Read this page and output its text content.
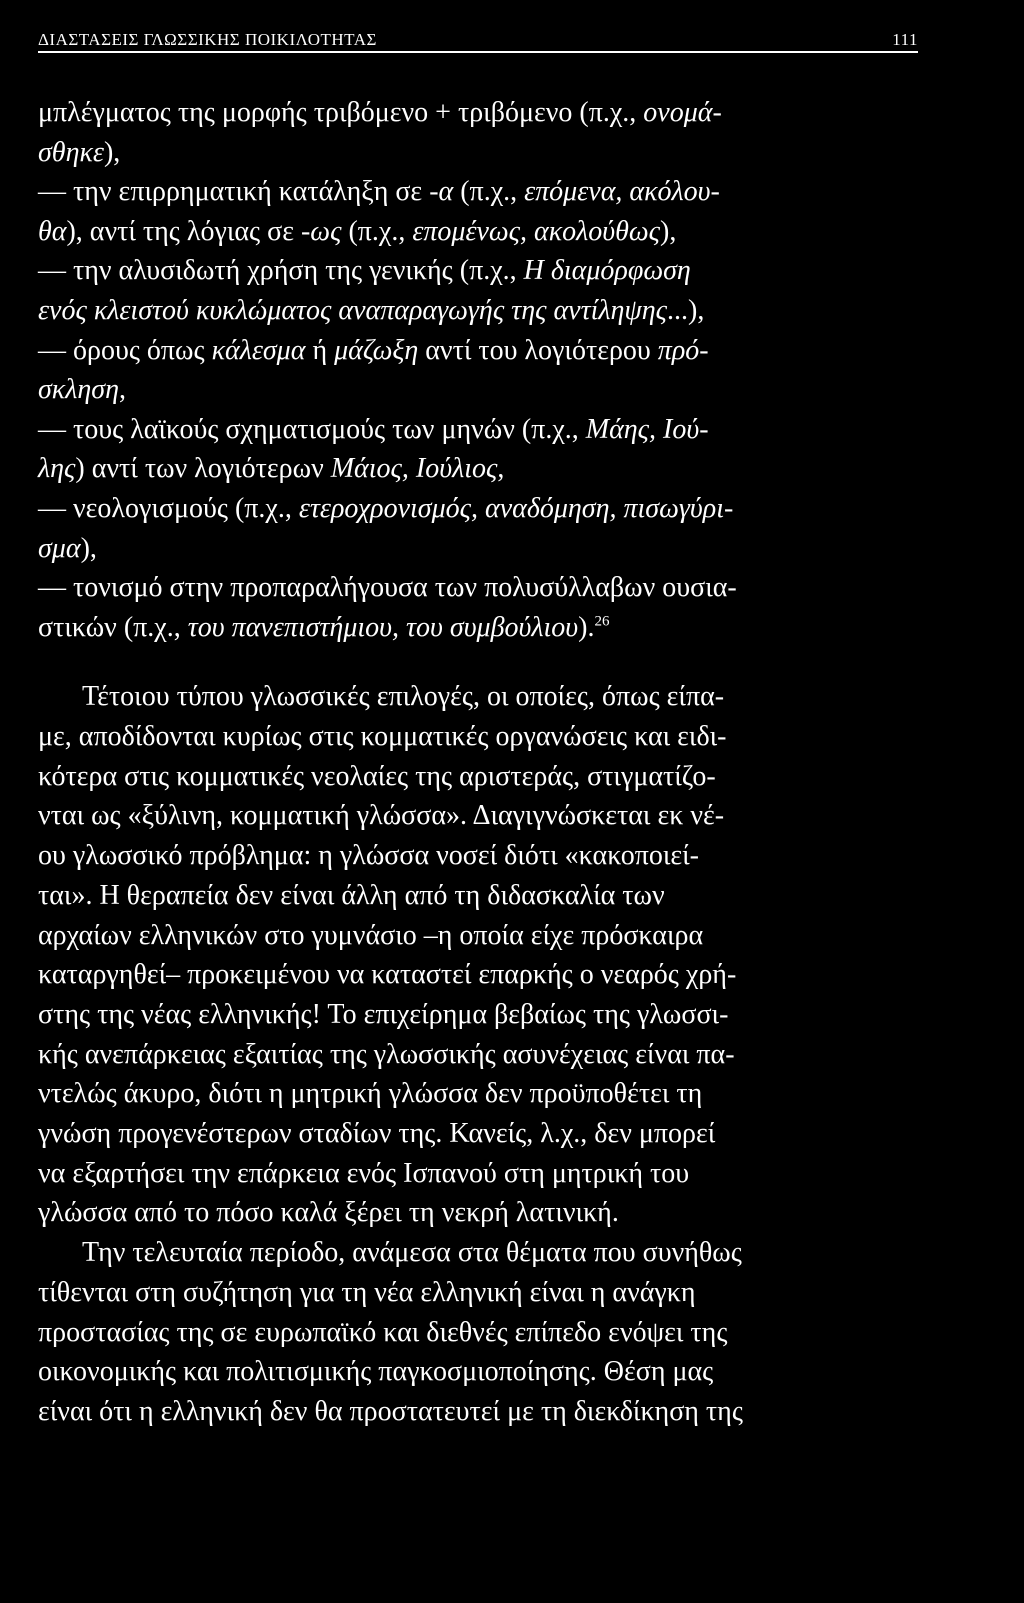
ΔΙΑΣΤΑΣΕΙΣ ΓΛΩΣΣΙΚΗΣ ΠΟΙΚΙΛΟΤΗΤΑΣ	111
μπλέγματος της μορφής τριβόμενο + τριβόμενο (π.χ., ονομά-
σθηκε),
— την επιρρηματική κατάληξη σε -α (π.χ., επόμενα, ακόλου-
θα), αντί της λόγιας σε -ως (π.χ., επομένως, ακολούθως),
— την αλυσιδωτή χρήση της γενικής (π.χ., Η διαμόρφωση
ενός κλειστού κυκλώματος αναπαραγωγής της αντίληψης...),
— όρους όπως κάλεσμα ή μάζωξη αντί του λογιότερου πρό-
σκληση,
— τους λαϊκούς σχηματισμούς των μηνών (π.χ., Μάης, Ιού-
λης) αντί των λογιότερων Μάιος, Ιούλιος,
— νεολογισμούς (π.χ., ετεροχρονισμός, αναδόμηση, πισωγύρι-
σμα),
— τονισμό στην προπαραλήγουσα των πολυσύλλαβων ουσια-
στικών (π.χ., του πανεπιστήμιου, του συμβούλιου).$^{26}$
Τέτοιου τύπου γλωσσικές επιλογές, οι οποίες, όπως είπα-
με, αποδίδονται κυρίως στις κομματικές οργανώσεις και ειδι-
κότερα στις κομματικές νεολαίες της αριστεράς, στιγματίζο-
νται ως «ξύλινη, κομματική γλώσσα». Διαγιγνώσκεται εκ νέ-
ου γλωσσικό πρόβλημα: η γλώσσα νοσεί διότι «κακοποιεί-
ται». Η θεραπεία δεν είναι άλλη από τη διδασκαλία των
αρχαίων ελληνικών στο γυμνάσιο –η οποία είχε πρόσκαιρα
καταργηθεί– προκειμένου να καταστεί επαρκής ο νεαρός χρή-
στης της νέας ελληνικής! Το επιχείρημα βεβαίως της γλωσσι-
κής ανεπάρκειας εξαιτίας της γλωσσικής ασυνέχειας είναι πα-
ντελώς άκυρο, διότι η μητρική γλώσσα δεν προϋποθέτει τη
γνώση προγενέστερων σταδίων της. Κανείς, λ.χ., δεν μπορεί
να εξαρτήσει την επάρκεια ενός Ισπανού στη μητρική του
γλώσσα από το πόσο καλά ξέρει τη νεκρή λατινική.
Την τελευταία περίοδο, ανάμεσα στα θέματα που συνήθως
τίθενται στη συζήτηση για τη νέα ελληνική είναι η ανάγκη
προστασίας της σε ευρωπαϊκό και διεθνές επίπεδο ενόψει της
οικονομικής και πολιτισμικής παγκοσμιοποίησης. Θέση μας
είναι ότι η ελληνική δεν θα προστατευτεί με τη διεκδίκηση της
